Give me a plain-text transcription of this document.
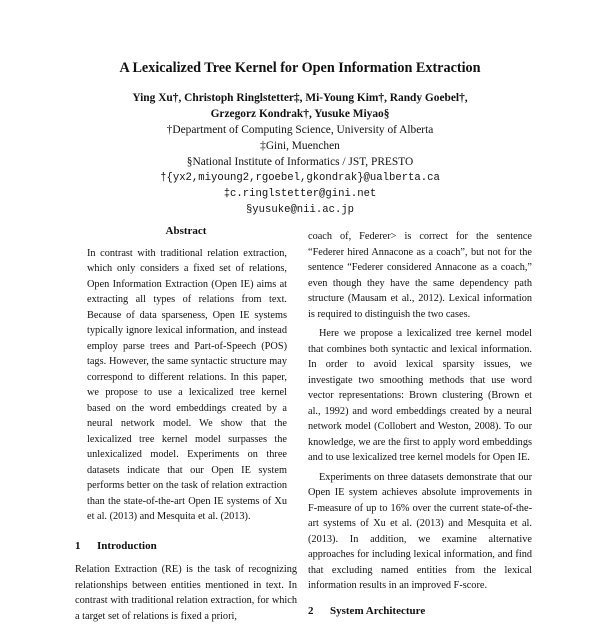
A Lexicalized Tree Kernel for Open Information Extraction
Ying Xu†, Christoph Ringlstetter‡, Mi-Young Kim†, Randy Goebel†,
Grzegorz Kondrak†, Yusuke Miyao§
†Department of Computing Science, University of Alberta
‡Gini, Muenchen
§National Institute of Informatics / JST, PRESTO
†{yx2,miyoung2,rgoebel,gkondrak}@ualberta.ca
‡c.ringlstetter@gini.net
§yusuke@nii.ac.jp
Abstract

In contrast with traditional relation extraction, which only considers a fixed set of relations, Open Information Extraction (Open IE) aims at extracting all types of relations from text. Because of data sparseness, Open IE systems typically ignore lexical information, and instead employ parse trees and Part-of-Speech (POS) tags. However, the same syntactic structure may correspond to different relations. In this paper, we propose to use a lexicalized tree kernel based on the word embeddings created by a neural network model. We show that the lexicalized tree kernel model surpasses the unlexicalized model. Experiments on three datasets indicate that our Open IE system performs better on the task of relation extraction than the state-of-the-art Open IE systems of Xu et al. (2013) and Mesquita et al. (2013).

1 Introduction

Relation Extraction (RE) is the task of recognizing relationships between entities mentioned in text. In contrast with traditional relation extraction, for which a target set of relations is fixed a priori,

coach of, Federer> is correct for the sentence “Federer hired Annacone as a coach”, but not for the sentence “Federer considered Annacone as a coach,” even though they have the same dependency path structure (Mausam et al., 2012). Lexical information is required to distinguish the two cases.

Here we propose a lexicalized tree kernel model that combines both syntactic and lexical information. In order to avoid lexical sparsity issues, we investigate two smoothing methods that use word vector representations: Brown clustering (Brown et al., 1992) and word embeddings created by a neural network model (Collobert and Weston, 2008). To our knowledge, we are the first to apply word embeddings and to use lexicalized tree kernel models for Open IE.

Experiments on three datasets demonstrate that our Open IE system achieves absolute improvements in F-measure of up to 16% over the current state-of-the-art systems of Xu et al. (2013) and Mesquita et al. (2013). In addition, we examine alternative approaches for including lexical information, and find that excluding named entities from the lexical information results in an improved F-score.

2 System Architecture
